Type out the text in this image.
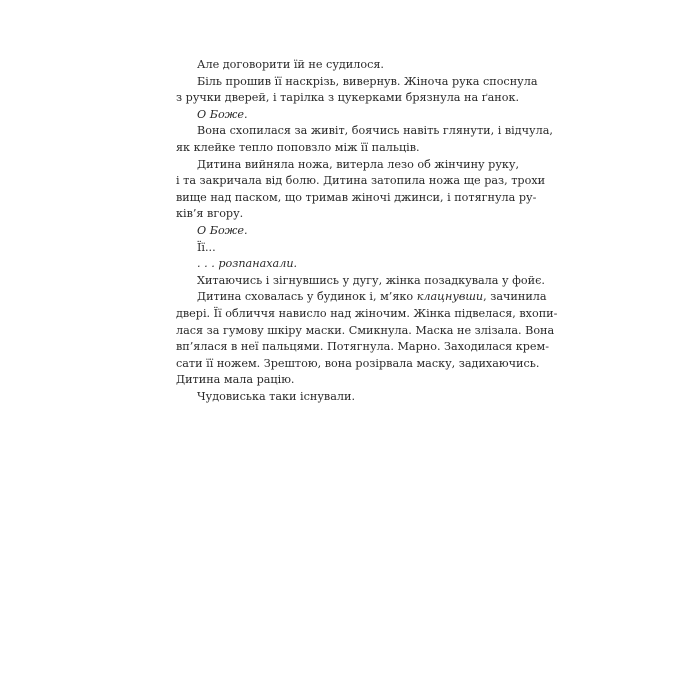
Але договорити їй не судилося.

Біль прошив її наскрізь, вивернув. Жіноча рука споснула
з ручки дверей, і тарілка з цукерками брязнула на ґанок.

О Боже.

Вона схопилася за живіт, боячись навіть глянути, і відчула,
як клейке тепло поповзло між її пальців.

Дитина вийняла ножа, витерла лезо об жінчину руку,
і та закричала від болю. Дитина затопила ножа ще раз, трохи
вище над паском, що тримав жіночі джинси, і потягнула ру-
ків’я вгору.

О Боже.

Її...

. . . розпанахали.

Хитаючись і зігнувшись у дугу, жінка позадкувала у фойє.

Дитина сховалась у будинок і, м’яко клацнувши, зачинила
двері. Її обличчя нависло над жіночим. Жінка підвелася, вхопи-
лася за гумову шкіру маски. Смикнула. Маска не злізала. Вона
вп’ялася в неї пальцями. Потягнула. Марно. Заходилася крем-
сати її ножем. Зрештою, вона розірвала маску, задихаючись.
Дитина мала рацію.

Чудовиська таки існували.
